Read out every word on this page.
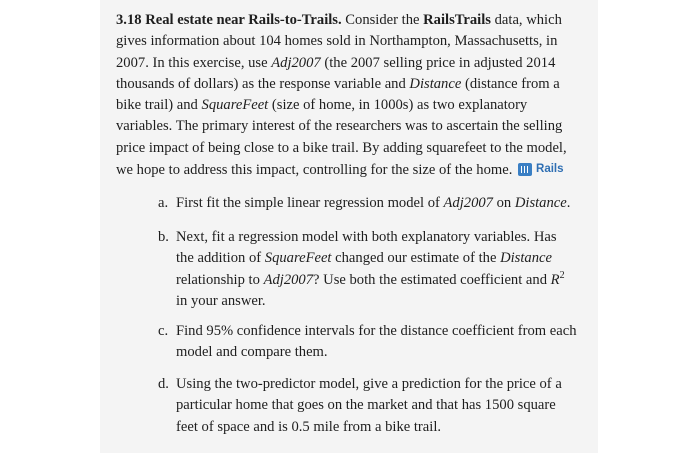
3.18 Real estate near Rails-to-Trails. Consider the RailsTrails data, which gives information about 104 homes sold in Northampton, Massachusetts, in 2007. In this exercise, use Adj2007 (the 2007 selling price in adjusted 2014 thousands of dollars) as the response variable and Distance (distance from a bike trail) and SquareFeet (size of home, in 1000s) as two explanatory variables. The primary interest of the researchers was to ascertain the selling price impact of being close to a bike trail. By adding squarefeet to the model, we hope to address this impact, controlling for the size of the home. Rails
a. First fit the simple linear regression model of Adj2007 on Distance.
b. Next, fit a regression model with both explanatory variables. Has the addition of SquareFeet changed our estimate of the Distance relationship to Adj2007? Use both the estimated coefficient and $R^2$ in your answer.
c. Find 95% confidence intervals for the distance coefficient from each model and compare them.
d. Using the two-predictor model, give a prediction for the price of a particular home that goes on the market and that has 1500 square feet of space and is 0.5 mile from a bike trail.
